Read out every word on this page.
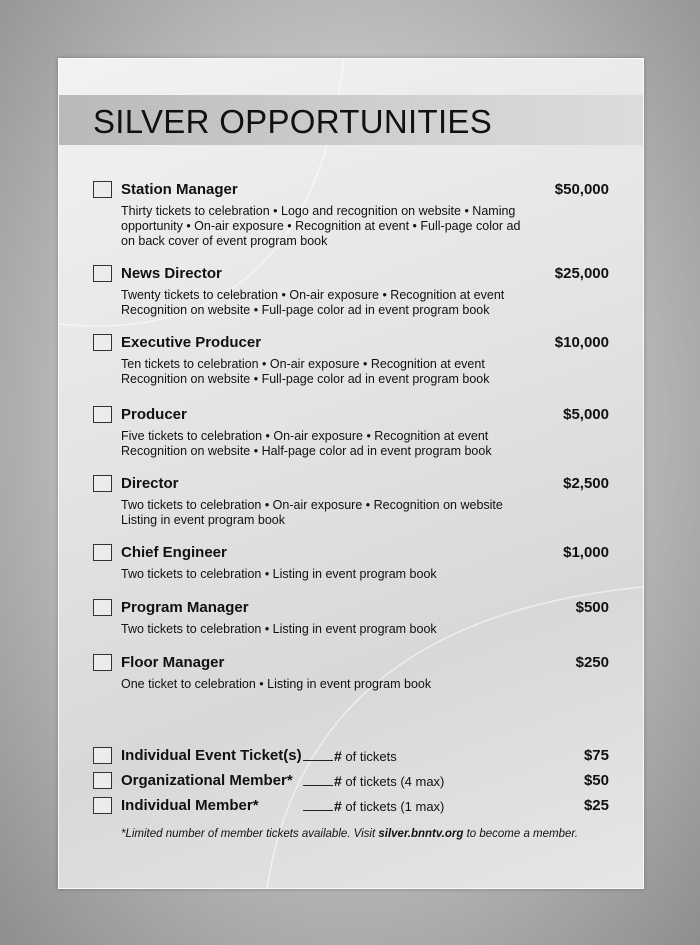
SILVER OPPORTUNITIES
Station Manager	$50,000

Thirty tickets to celebration • Logo and recognition on website • Naming
opportunity • On-air exposure • Recognition at event • Full-page color ad
on back cover of event program book

News Director	$25,000

Twenty tickets to celebration • On-air exposure • Recognition at event
Recognition on website • Full-page color ad in event program book

Executive Producer	$10,000

Ten tickets to celebration • On-air exposure • Recognition at event
Recognition on website • Full-page color ad in event program book

Producer	$5,000

Five tickets to celebration • On-air exposure • Recognition at event
Recognition on website • Half-page color ad in event program book

Director	$2,500

Two tickets to celebration • On-air exposure • Recognition on website
Listing in event program book

Chief Engineer	$1,000

Two tickets to celebration • Listing in event program book

Program Manager	$500

Two tickets to celebration • Listing in event program book

Floor Manager	$250

One ticket to celebration • Listing in event program book

Individual Event Ticket(s)	# of tickets	$75
Organizational Member*	# of tickets (4 max)	$50
Individual Member*	# of tickets (1 max)	$25
*Limited number of member tickets available. Visit silver.bnntv.org to become a member.
